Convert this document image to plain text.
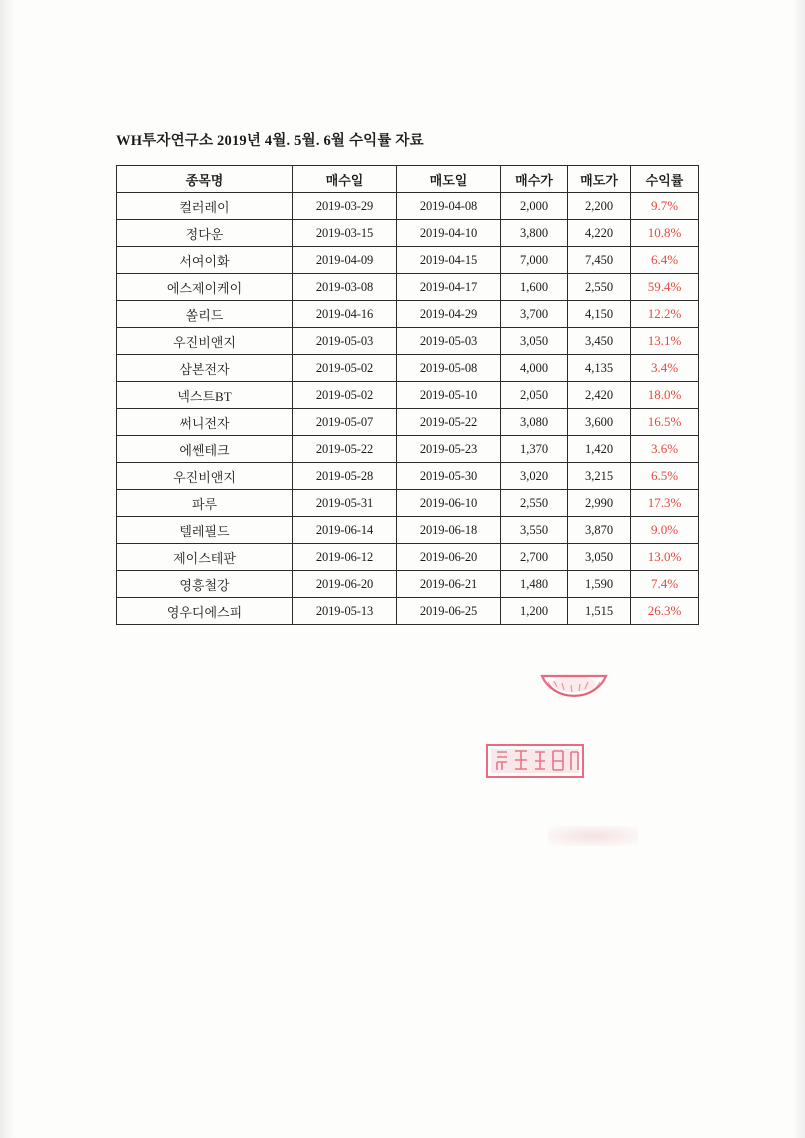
WH투자연구소 2019년 4월. 5월. 6월 수익률 자료
종목명	매수일	매도일	매수가	매도가	수익률
컬러레이	2019-03-29	2019-04-08	2,000	2,200	9.7%
정다운	2019-03-15	2019-04-10	3,800	4,220	10.8%
서여이화	2019-04-09	2019-04-15	7,000	7,450	6.4%
에스제이케이	2019-03-08	2019-04-17	1,600	2,550	59.4%
쏠리드	2019-04-16	2019-04-29	3,700	4,150	12.2%
우진비앤지	2019-05-03	2019-05-03	3,050	3,450	13.1%
삼본전자	2019-05-02	2019-05-08	4,000	4,135	3.4%
넥스트BT	2019-05-02	2019-05-10	2,050	2,420	18.0%
써니전자	2019-05-07	2019-05-22	3,080	3,600	16.5%
에쎈테크	2019-05-22	2019-05-23	1,370	1,420	3.6%
우진비앤지	2019-05-28	2019-05-30	3,020	3,215	6.5%
파루	2019-05-31	2019-06-10	2,550	2,990	17.3%
텔레필드	2019-06-14	2019-06-18	3,550	3,870	9.0%
제이스테판	2019-06-12	2019-06-20	2,700	3,050	13.0%
영흥철강	2019-06-20	2019-06-21	1,480	1,590	7.4%
영우디에스피	2019-05-13	2019-06-25	1,200	1,515	26.3%
